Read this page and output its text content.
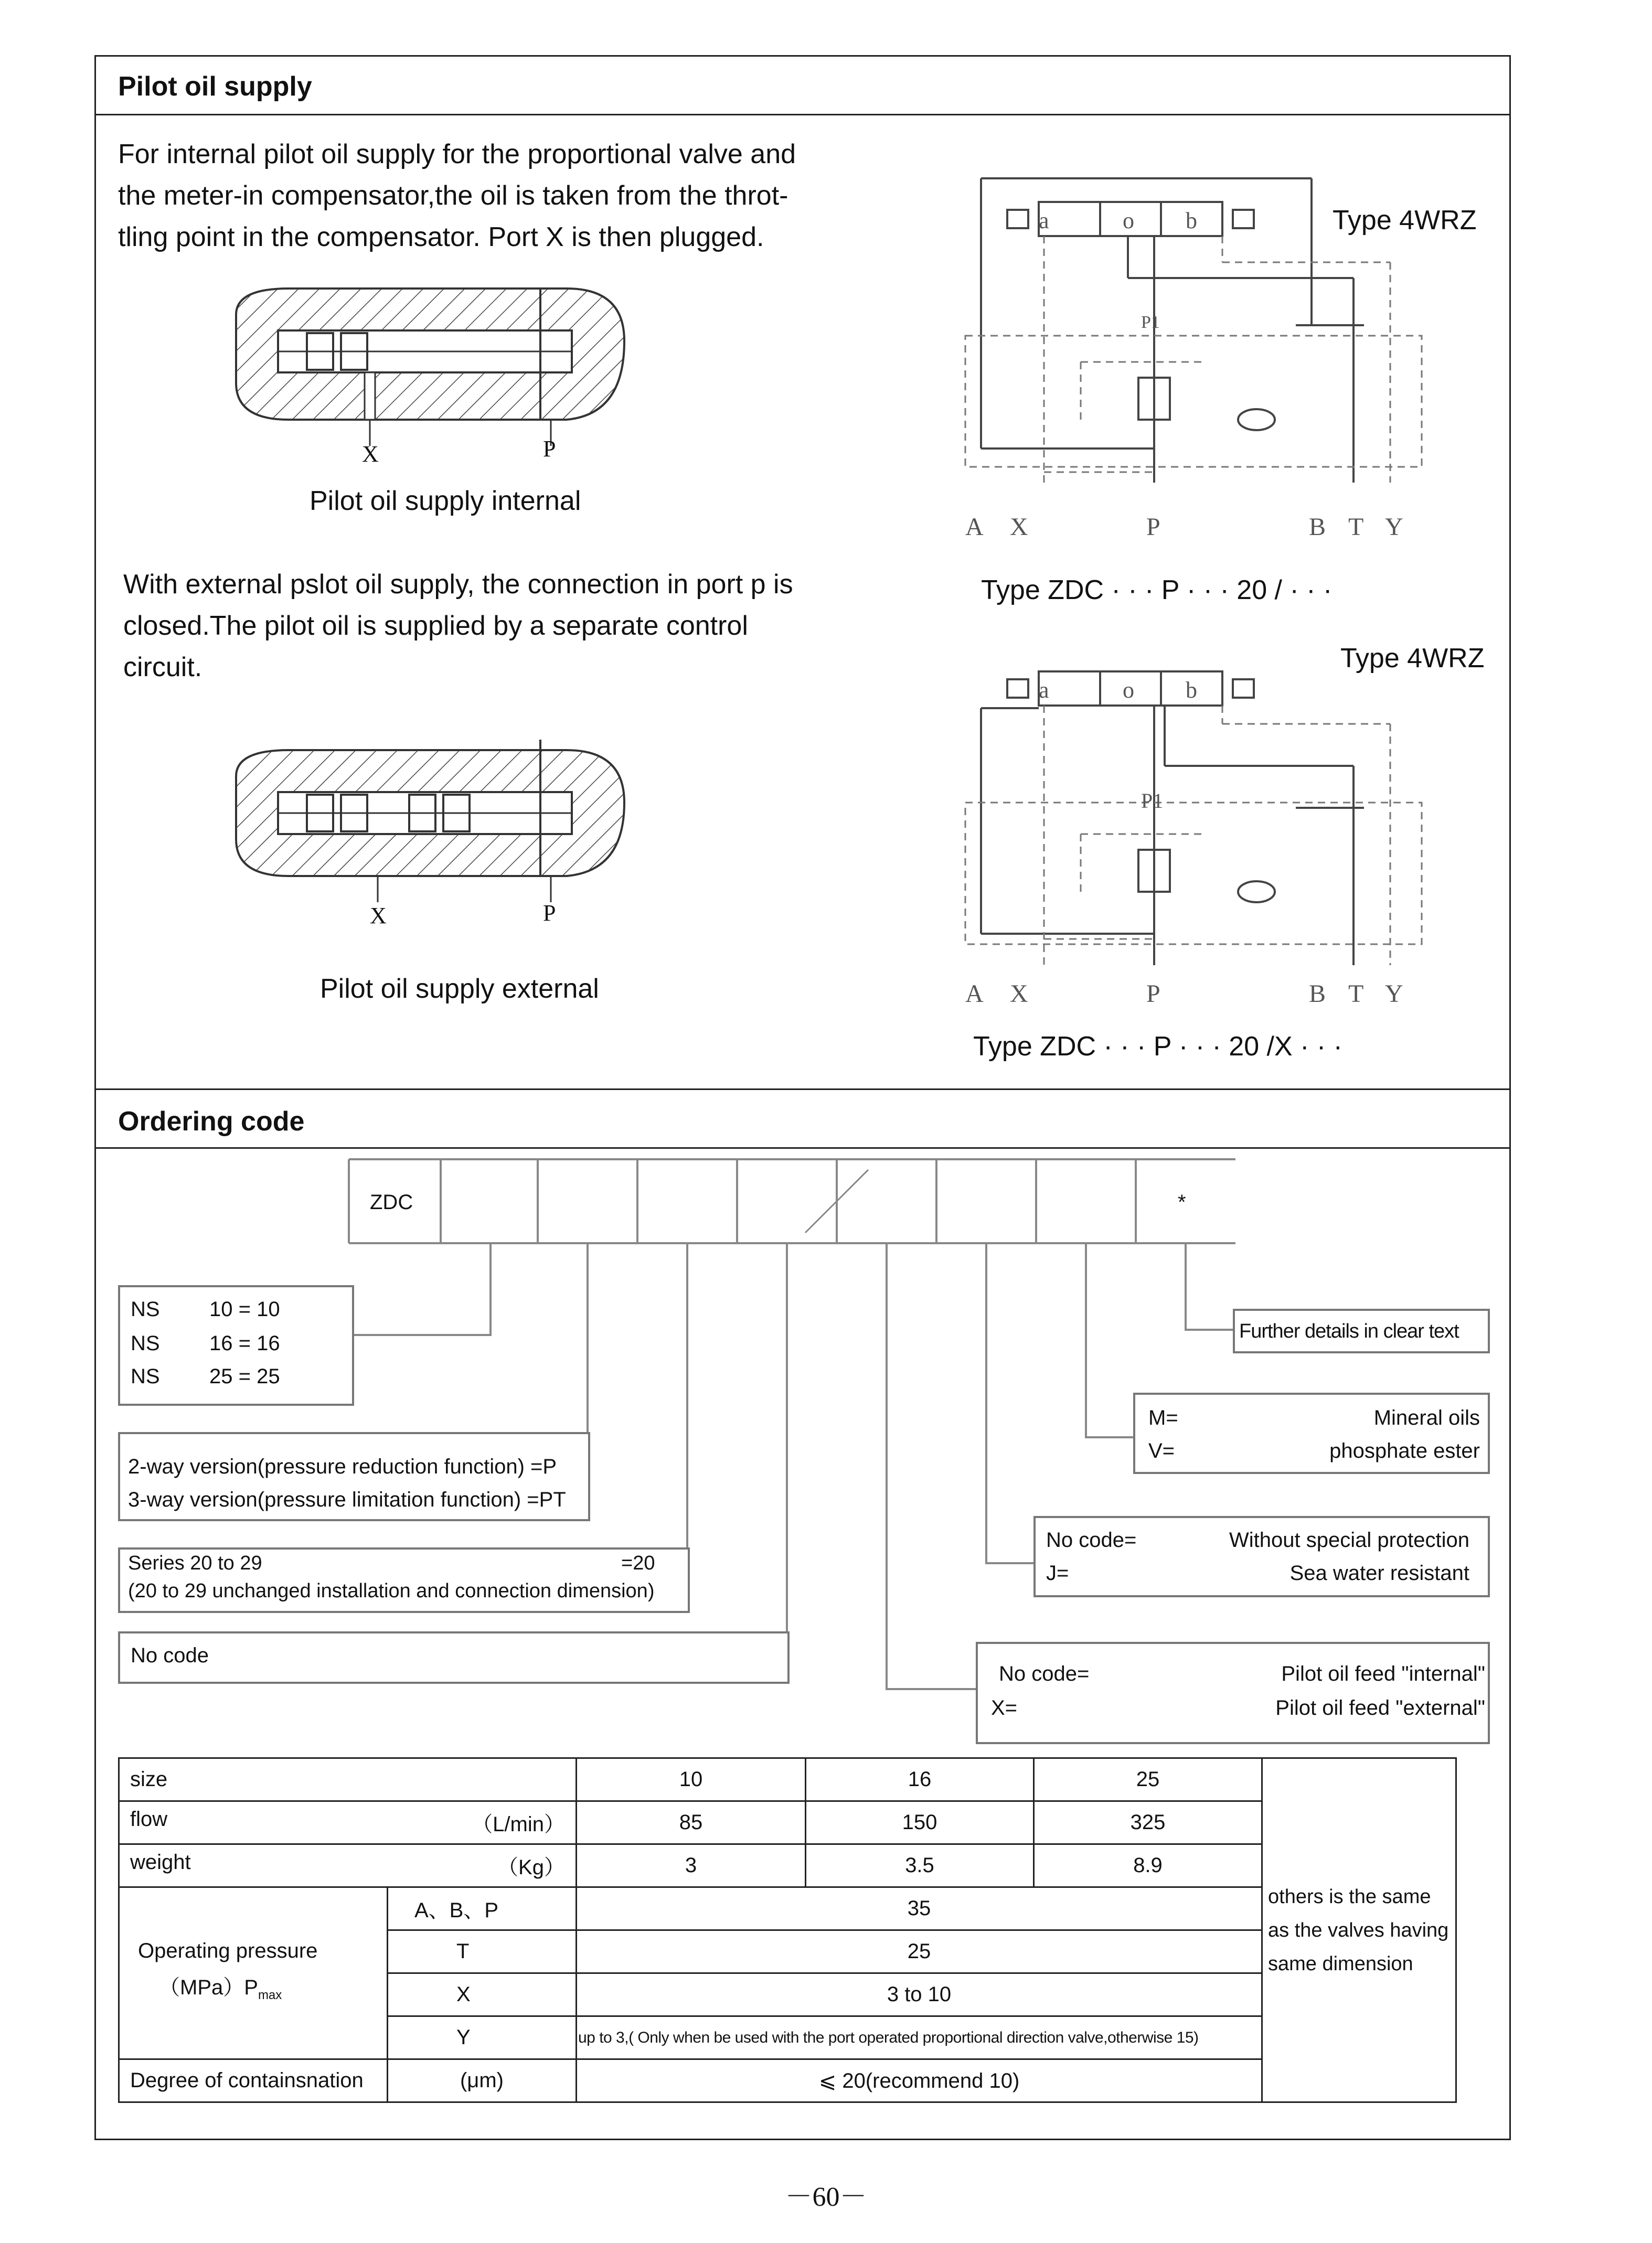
Pilot oil supply
For internal pilot oil supply for the proportional valve and
the meter-in compensator,the oil is taken from the throt-
tling point in the compensator. Port X is then plugged.
X	P
Pilot oil supply internal
With external pslot oil supply, the connection in port p is
closed.The pilot oil is supplied by a separate control
circuit.
X	P
Pilot oil supply external
a	o b
P1
A X	P	B T Y
Type 4WRZ
Type ZDC · · · P · · · 20 / · · ·
a	o b
P1
A X	P	B T Y
Type 4WRZ
Type ZDC · · · P · · · 20 /X · · ·
Ordering code
ZDC	*
NS 10 = 10
NS 16 = 16
NS 25 = 25
2-way version(pressure reduction function) =P
3-way version(pressure limitation function) =PT
Series 20 to 29	=20
(20 to 29 unchanged installation and connection dimension)
No code
Further details in clear text
M=	Mineral oils
V=	phosphate ester
No code=	Without special protection
J=	Sea water resistant
No code=	Pilot oil feed "internal"
X=	Pilot oil feed "external"
size		10	16	25	others is the same
as the valves having
same dimension

flow （L/min）		85	150	325	
weight （Kg）		3	3.5	8.9	

Operating pressure
$(MPa)P_{max}$	A、B、P	35			
	T	25			
	X	3 to 10			
	Y	up to 3,( Only when be used with the port operated proportional direction valve,otherwise 15)			
Degree of containsnation	(μm)	⩽ 20(recommend 10)			
－60－
